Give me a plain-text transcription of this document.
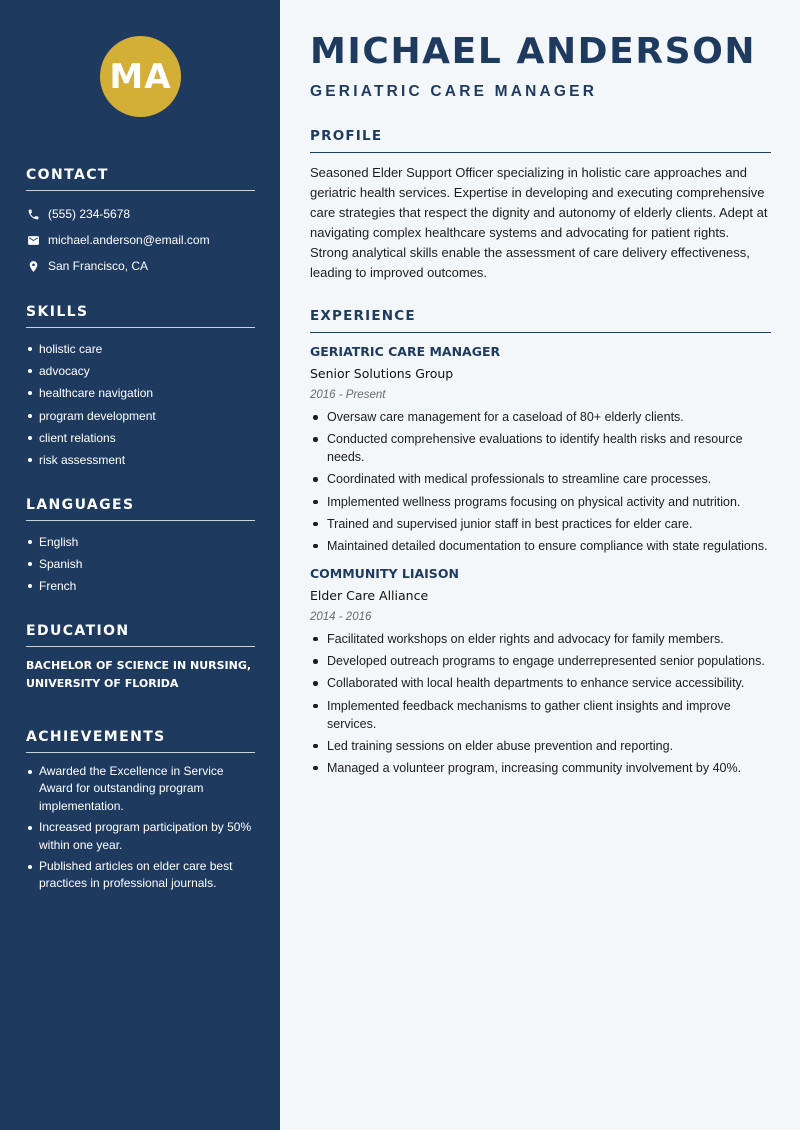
MA
CONTACT
(555) 234-5678
michael.anderson@email.com
San Francisco, CA
SKILLS
holistic care
advocacy
healthcare navigation
program development
client relations
risk assessment
LANGUAGES
English
Spanish
French
EDUCATION

BACHELOR OF SCIENCE IN NURSING, UNIVERSITY OF FLORIDA

ACHIEVEMENTS
Awarded the Excellence in Service Award for outstanding program implementation.
Increased program participation by 50% within one year.
Published articles on elder care best practices in professional journals.
MICHAEL ANDERSON
GERIATRIC CARE MANAGER
PROFILE

Seasoned Elder Support Officer specializing in holistic care approaches and geriatric health services. Expertise in developing and executing comprehensive care strategies that respect the dignity and autonomy of elderly clients. Adept at navigating complex healthcare systems and advocating for patient rights. Strong analytical skills enable the assessment of care delivery effectiveness, leading to improved outcomes.

EXPERIENCE
GERIATRIC CARE MANAGER
Senior Solutions Group
2016 - Present
Oversaw care management for a caseload of 80+ elderly clients.
Conducted comprehensive evaluations to identify health risks and resource needs.
Coordinated with medical professionals to streamline care processes.
Implemented wellness programs focusing on physical activity and nutrition.
Trained and supervised junior staff in best practices for elder care.
Maintained detailed documentation to ensure compliance with state regulations.
COMMUNITY LIAISON
Elder Care Alliance
2014 - 2016
Facilitated workshops on elder rights and advocacy for family members.
Developed outreach programs to engage underrepresented senior populations.
Collaborated with local health departments to enhance service accessibility.
Implemented feedback mechanisms to gather client insights and improve services.
Led training sessions on elder abuse prevention and reporting.
Managed a volunteer program, increasing community involvement by 40%.
